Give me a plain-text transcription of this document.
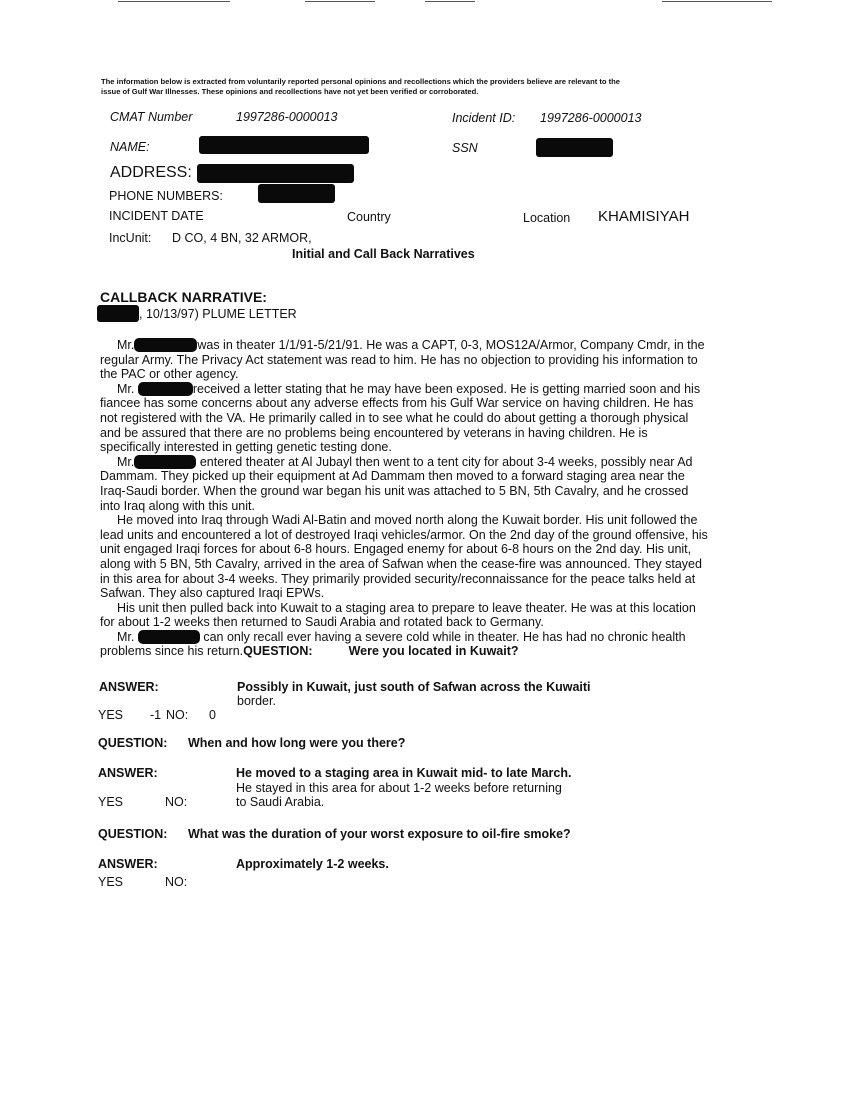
The information below is extracted from voluntarily reported personal opinions and recollections which the providers believe are relevant to the
issue of Gulf War Illnesses. These opinions and recollections have not yet been verified or corroborated.
CMAT Number	1997286-0000013	Incident ID: 1997286-0000013
NAME:	SSN
ADDRESS:
PHONE NUMBERS:
INCIDENT DATE	Country	Location KHAMISIYAH
IncUnit: D CO, 4 BN, 32 ARMOR,
Initial and Call Back Narratives
CALLBACK NARRATIVE:
, 10/13/97) PLUME LETTER

Mr.	was in theater 1/1/91-5/21/91. He was a CAPT, 0-3, MOS12A/Armor, Company Cmdr, in the regular Army. The Privacy Act statement was read to him. He has no objection to providing his information to the PAC or other agency.

Mr.	received a letter stating that he may have been exposed. He is getting married soon and his fiancee has some concerns about any adverse effects from his Gulf War service on having children. He has not registered with the VA. He primarily called in to see what he could do about getting a thorough physical and be assured that there are no problems being encountered by veterans in having children. He is specifically interested in getting genetic testing done.

Mr.	entered theater at Al Jubayl then went to a tent city for about 3-4 weeks, possibly near Ad Dammam. They picked up their equipment at Ad Dammam then moved to a forward staging area near the Iraq-Saudi border. When the ground war began his unit was attached to 5 BN, 5th Cavalry, and he crossed into Iraq along with this unit.

He moved into Iraq through Wadi Al-Batin and moved north along the Kuwait border. His unit followed the lead units and encountered a lot of destroyed Iraqi vehicles/armor. On the 2nd day of the ground offensive, his unit engaged Iraqi forces for about 6-8 hours. Engaged enemy for about 6-8 hours on the 2nd day. His unit, along with 5 BN, 5th Cavalry, arrived in the area of Safwan when the cease-fire was announced. They stayed in this area for about 3-4 weeks. They primarily provided security/reconnaissance for the peace talks held at Safwan. They also captured Iraqi EPWs.

His unit then pulled back into Kuwait to a staging area to prepare to leave theater. He was at this location for about 1-2 weeks then returned to Saudi Arabia and rotated back to Germany.

Mr.	can only recall ever having a severe cold while in theater. He has had no chronic health problems since his return.QUESTION:	Were you located in Kuwait?

ANSWER:	Possibly in Kuwait, just south of Safwan across the Kuwaiti
border.
YES -1 NO: 0
QUESTION: When and how long were you there?
ANSWER:	He moved to a staging area in Kuwait mid- to late March.
He stayed in this area for about 1-2 weeks before returning
to Saudi Arabia.
YES	NO:
QUESTION: What was the duration of your worst exposure to oil-fire smoke?
ANSWER:	Approximately 1-2 weeks.
YES	NO:
